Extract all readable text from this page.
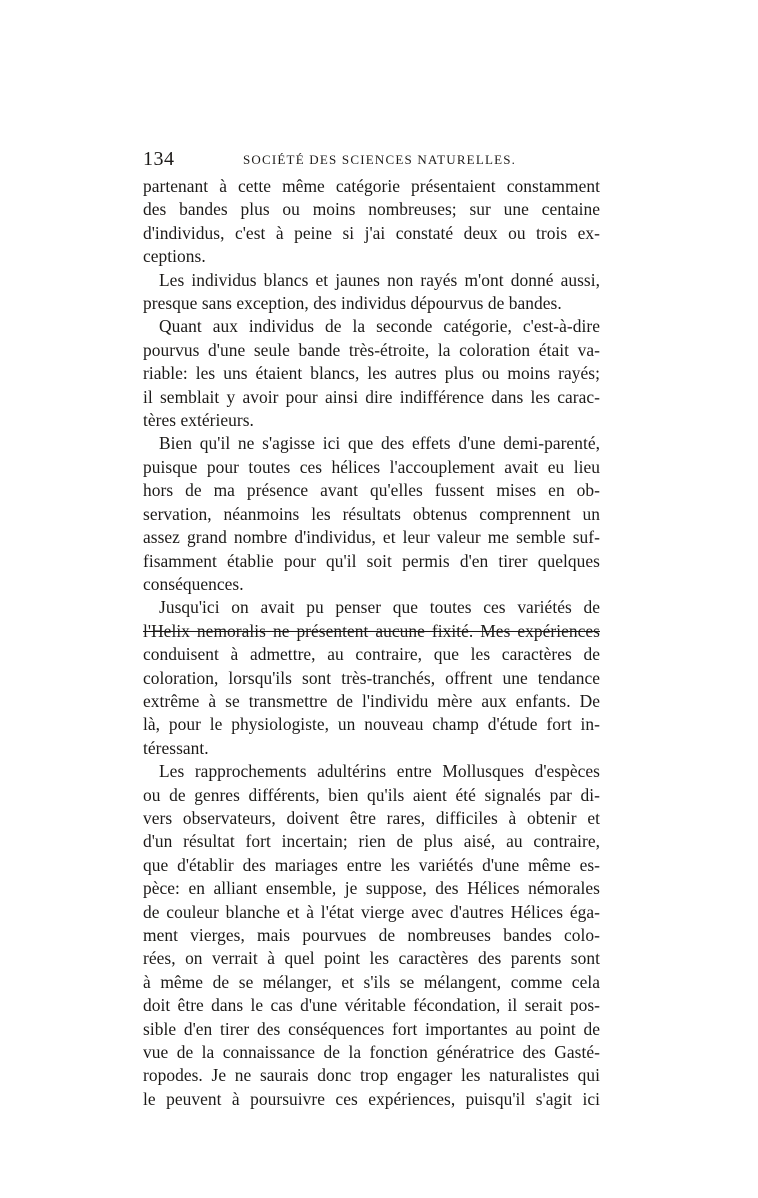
134	SOCIÉTÉ DES SCIENCES NATURELLES.
partenant à cette même catégorie présentaient constamment
des bandes plus ou moins nombreuses; sur une centaine
d'individus, c'est à peine si j'ai constaté deux ou trois ex-
ceptions.
Les individus blancs et jaunes non rayés m'ont donné aussi,
presque sans exception, des individus dépourvus de bandes.
Quant aux individus de la seconde catégorie, c'est-à-dire
pourvus d'une seule bande très-étroite, la coloration était va-
riable: les uns étaient blancs, les autres plus ou moins rayés;
il semblait y avoir pour ainsi dire indifférence dans les carac-
tères extérieurs.
Bien qu'il ne s'agisse ici que des effets d'une demi-parenté,
puisque pour toutes ces hélices l'accouplement avait eu lieu
hors de ma présence avant qu'elles fussent mises en ob-
servation, néanmoins les résultats obtenus comprennent un
assez grand nombre d'individus, et leur valeur me semble suf-
fisamment établie pour qu'il soit permis d'en tirer quelques
conséquences.
Jusqu'ici on avait pu penser que toutes ces variétés de
l'Helix nemoralis ne présentent aucune fixité. Mes expériences
conduisent à admettre, au contraire, que les caractères de
coloration, lorsqu'ils sont très-tranchés, offrent une tendance
extrême à se transmettre de l'individu mère aux enfants. De
là, pour le physiologiste, un nouveau champ d'étude fort in-
téressant.
Les rapprochements adultérins entre Mollusques d'espèces
ou de genres différents, bien qu'ils aient été signalés par di-
vers observateurs, doivent être rares, difficiles à obtenir et
d'un résultat fort incertain; rien de plus aisé, au contraire,
que d'établir des mariages entre les variétés d'une même es-
pèce: en alliant ensemble, je suppose, des Hélices némorales
de couleur blanche et à l'état vierge avec d'autres Hélices éga-
ment vierges, mais pourvues de nombreuses bandes colo-
rées, on verrait à quel point les caractères des parents sont
à même de se mélanger, et s'ils se mélangent, comme cela
doit être dans le cas d'une véritable fécondation, il serait pos-
sible d'en tirer des conséquences fort importantes au point de
vue de la connaissance de la fonction génératrice des Gasté-
ropodes. Je ne saurais donc trop engager les naturalistes qui
le peuvent à poursuivre ces expériences, puisqu'il s'agit ici
